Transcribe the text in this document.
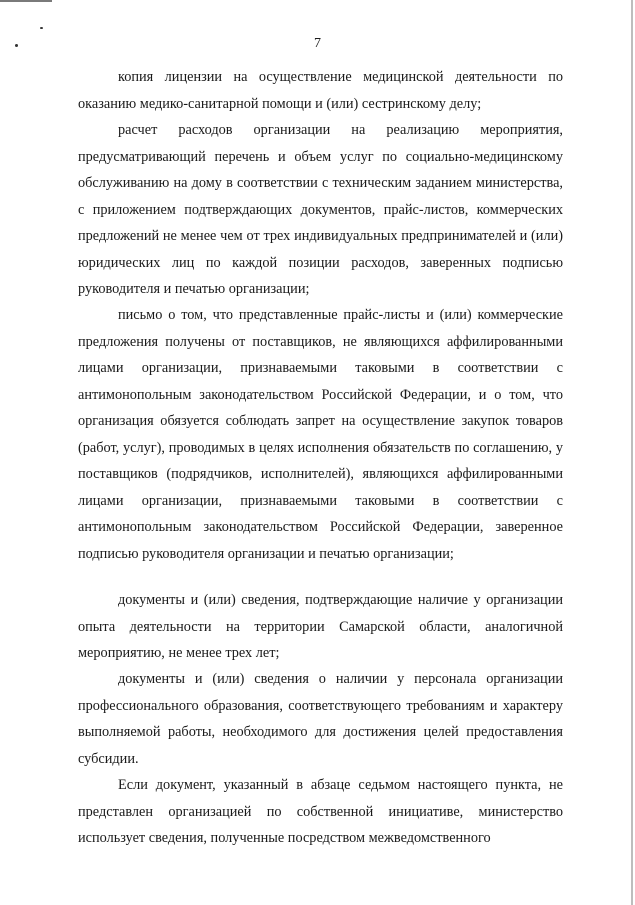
7

копия лицензии на осуществление медицинской деятельности по оказанию медико-санитарной помощи и (или) сестринскому делу;

расчет расходов организации на реализацию мероприятия, предусматривающий перечень и объем услуг по социально-медицинскому обслуживанию на дому в соответствии с техническим заданием министерства, с приложением подтверждающих документов, прайс-листов, коммерческих предложений не менее чем от трех индивидуальных предпринимателей и (или) юридических лиц по каждой позиции расходов, заверенных подписью руководителя и печатью организации;

письмо о том, что представленные прайс-листы и (или) коммерческие предложения получены от поставщиков, не являющихся аффилированными лицами организации, признаваемыми таковыми в соответствии с антимонопольным законодательством Российской Федерации, и о том, что организация обязуется соблюдать запрет на осуществление закупок товаров (работ, услуг), проводимых в целях исполнения обязательств по соглашению, у поставщиков (подрядчиков, исполнителей), являющихся аффилированными лицами организации, признаваемыми таковыми в соответствии с антимонопольным законодательством Российской Федерации, заверенное подписью руководителя организации и печатью организации;

документы и (или) сведения, подтверждающие наличие у организации опыта деятельности на территории Самарской области, аналогичной мероприятию, не менее трех лет;

документы и (или) сведения о наличии у персонала организации профессионального образования, соответствующего требованиям и характеру выполняемой работы, необходимого для достижения целей предоставления субсидии.

Если документ, указанный в абзаце седьмом настоящего пункта, не представлен организацией по собственной инициативе, министерство использует сведения, полученные посредством межведомственного
